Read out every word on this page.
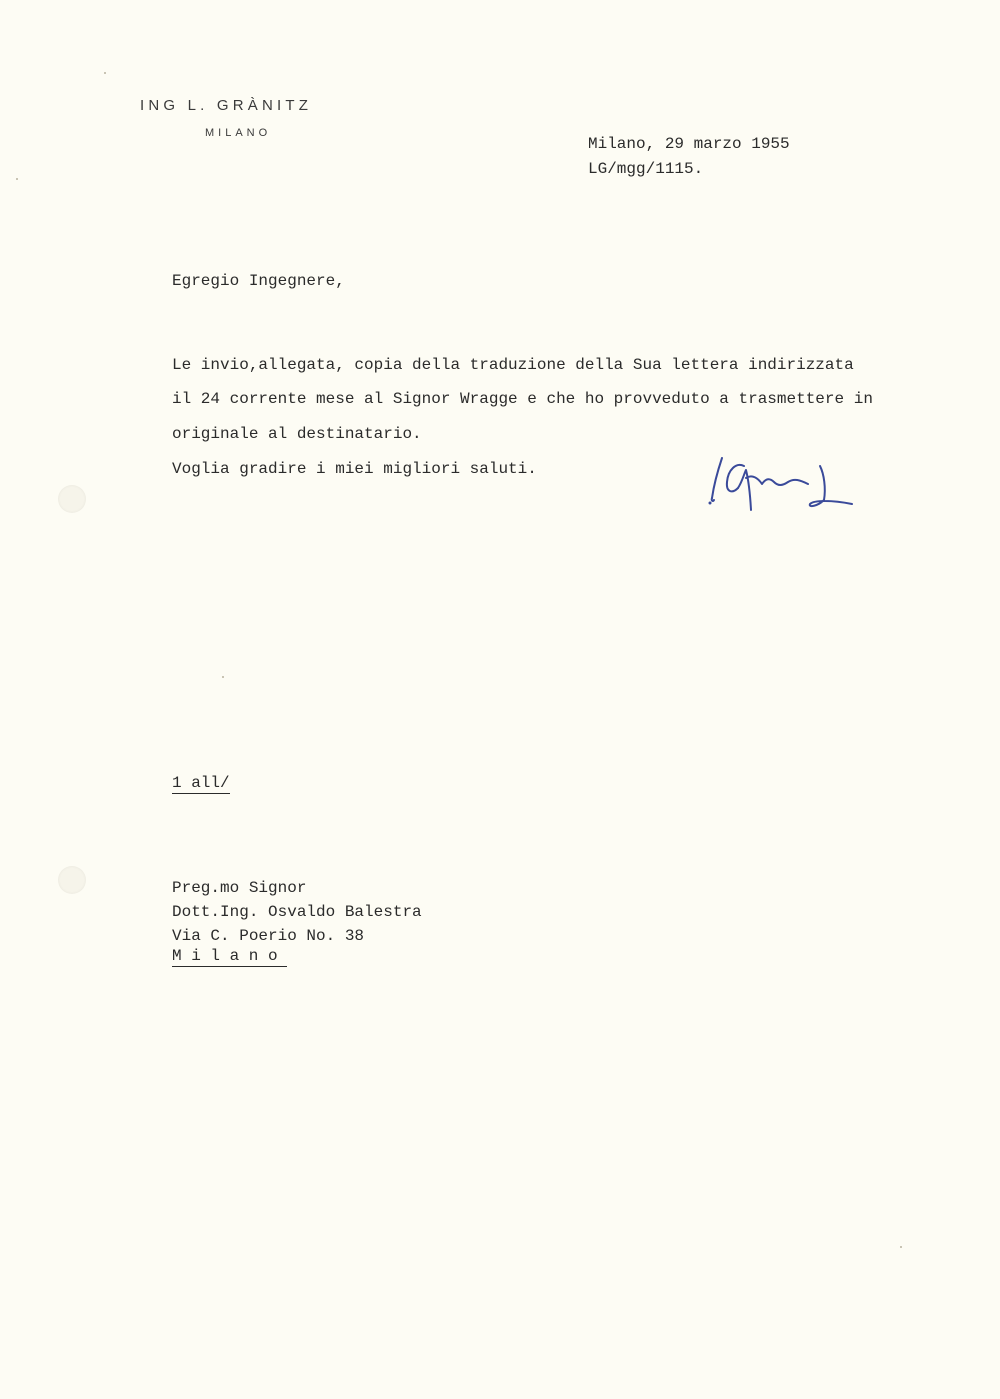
ING L. GRÀNITZ
MILANO
Milano, 29 marzo 1955
LG/mgg/1115.
Egregio Ingegnere,
Le invio,allegata, copia della traduzione della Sua lettera indirizzata
il 24 corrente mese al Signor Wragge e che ho provveduto a trasmettere in
originale al destinatario.
Voglia gradire i miei migliori saluti.
1 all/
Preg.mo Signor
Dott.Ing. Osvaldo Balestra
Via C. Poerio No. 38
Milano
